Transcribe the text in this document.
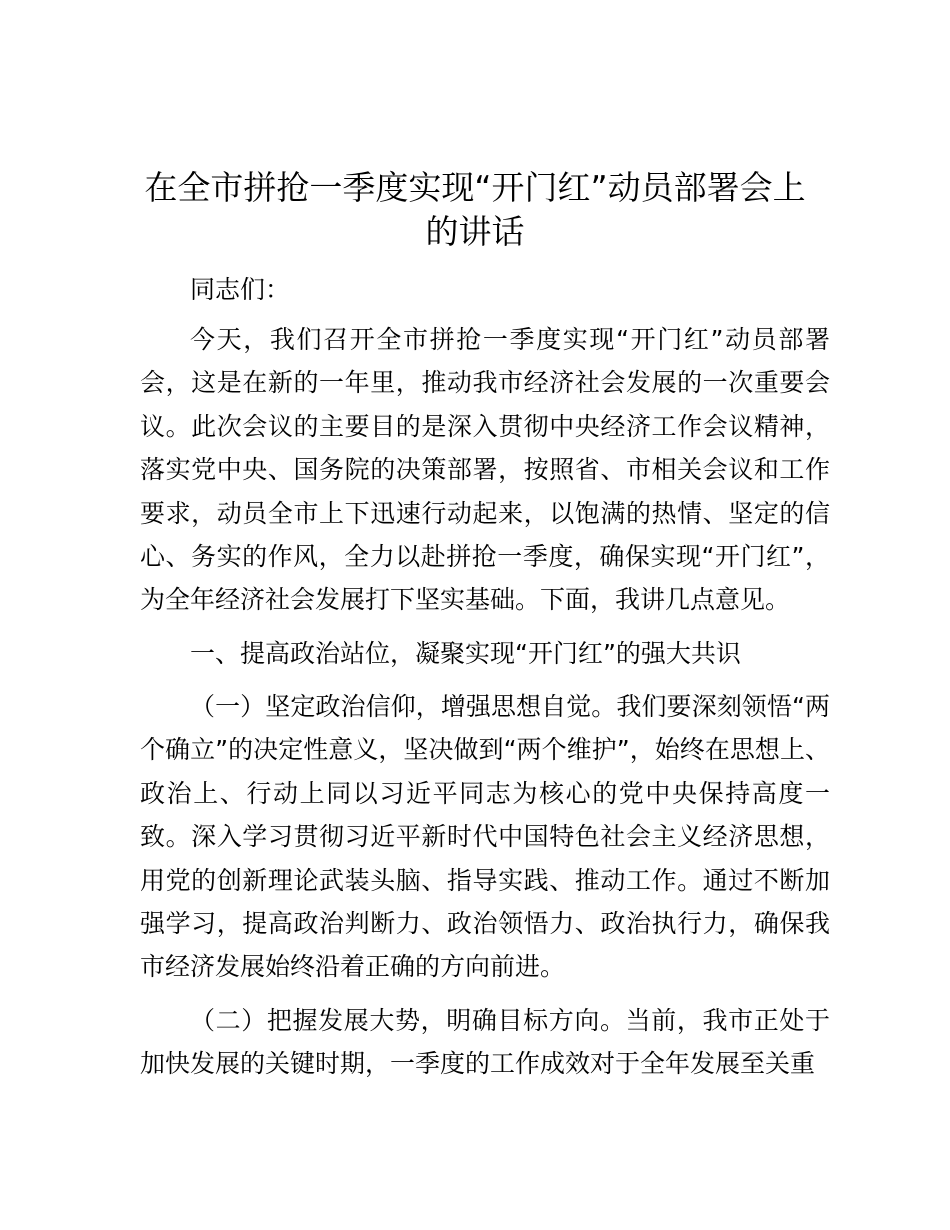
在全市拼抢一季度实现“开门红”动员部署会上的讲话

同志们：

今天，我们召开全市拼抢一季度实现“开门红”动员部署会，这是在新的一年里，推动我市经济社会发展的一次重要会议。此次会议的主要目的是深入贯彻中央经济工作会议精神，落实党中央、国务院的决策部署，按照省、市相关会议和工作要求，动员全市上下迅速行动起来，以饱满的热情、坚定的信心、务实的作风，全力以赴拼抢一季度，确保实现“开门红”，为全年经济社会发展打下坚实基础。下面，我讲几点意见。

一、提高政治站位，凝聚实现“开门红”的强大共识

（一）坚定政治信仰，增强思想自觉。我们要深刻领悟“两个确立”的决定性意义，坚决做到“两个维护”，始终在思想上、政治上、行动上同以习近平同志为核心的党中央保持高度一致。深入学习贯彻习近平新时代中国特色社会主义经济思想，用党的创新理论武装头脑、指导实践、推动工作。通过不断加强学习，提高政治判断力、政治领悟力、政治执行力，确保我市经济发展始终沿着正确的方向前进。

（二）把握发展大势，明确目标方向。当前，我市正处于加快发展的关键时期，一季度的工作成效对于全年发展至关重
